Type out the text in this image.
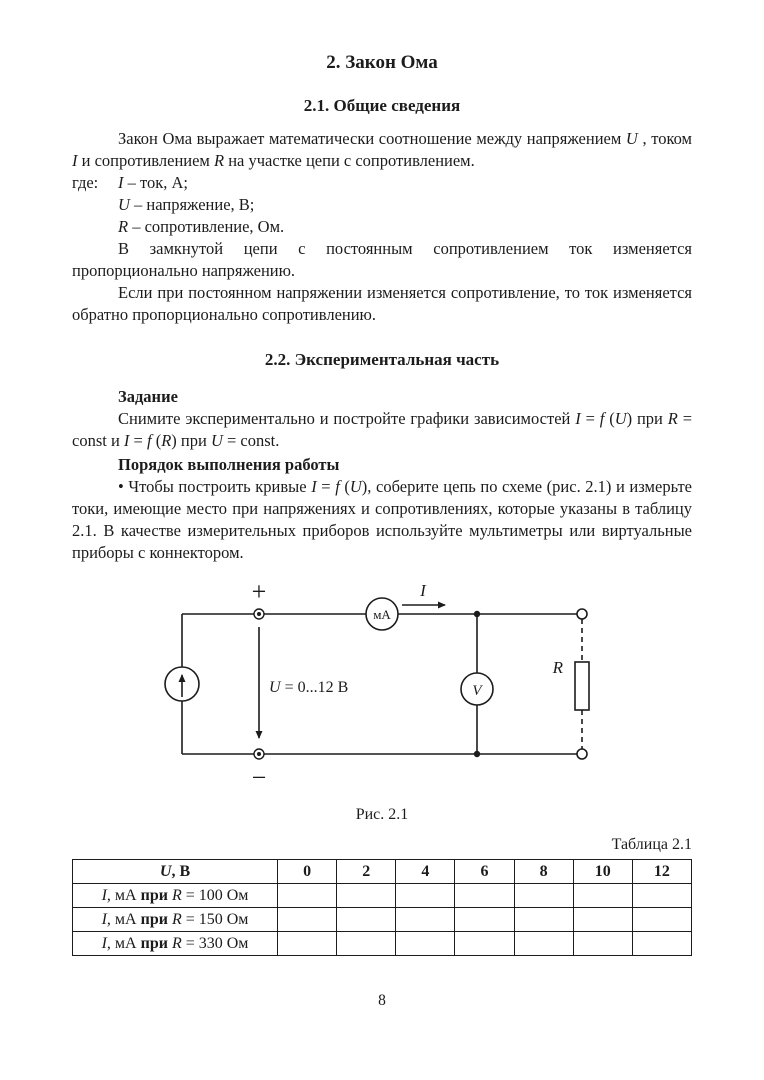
2. Закон Ома
2.1. Общие сведения

Закон Ома выражает математически соотношение между напряжением U , током I и сопротивлением R на участке цепи с сопротивлением.

где: I – ток, А;

U – напряжение, В;

R – сопротивление, Ом.

В замкнутой цепи с постоянным сопротивлением ток изменяется пропорционально напряжению.

Если при постоянном напряжении изменяется сопротивление, то ток изменяется обратно пропорционально сопротивлению.

2.2. Экспериментальная часть

Задание

Снимите экспериментально и постройте графики зависимостей I = f (U) при R = const и I = f (R) при U = const.

Порядок выполнения работы

• Чтобы построить кривые I = f (U), соберите цепь по схеме (рис. 2.1) и измерьте токи, имеющие место при напряжениях и сопротивлениях, которые указаны в таблицу 2.1. В качестве измерительных приборов используйте мультиметры или виртуальные приборы с коннектором.

мА
V
+
−
I
U = 0...12 В
R
Рис. 2.1

Таблица 2.1

U, В	0	2	4	6	8	10	12
I, мА при R = 100 Ом							
I, мА при R = 150 Ом							
I, мА при R = 330 Ом							
8
